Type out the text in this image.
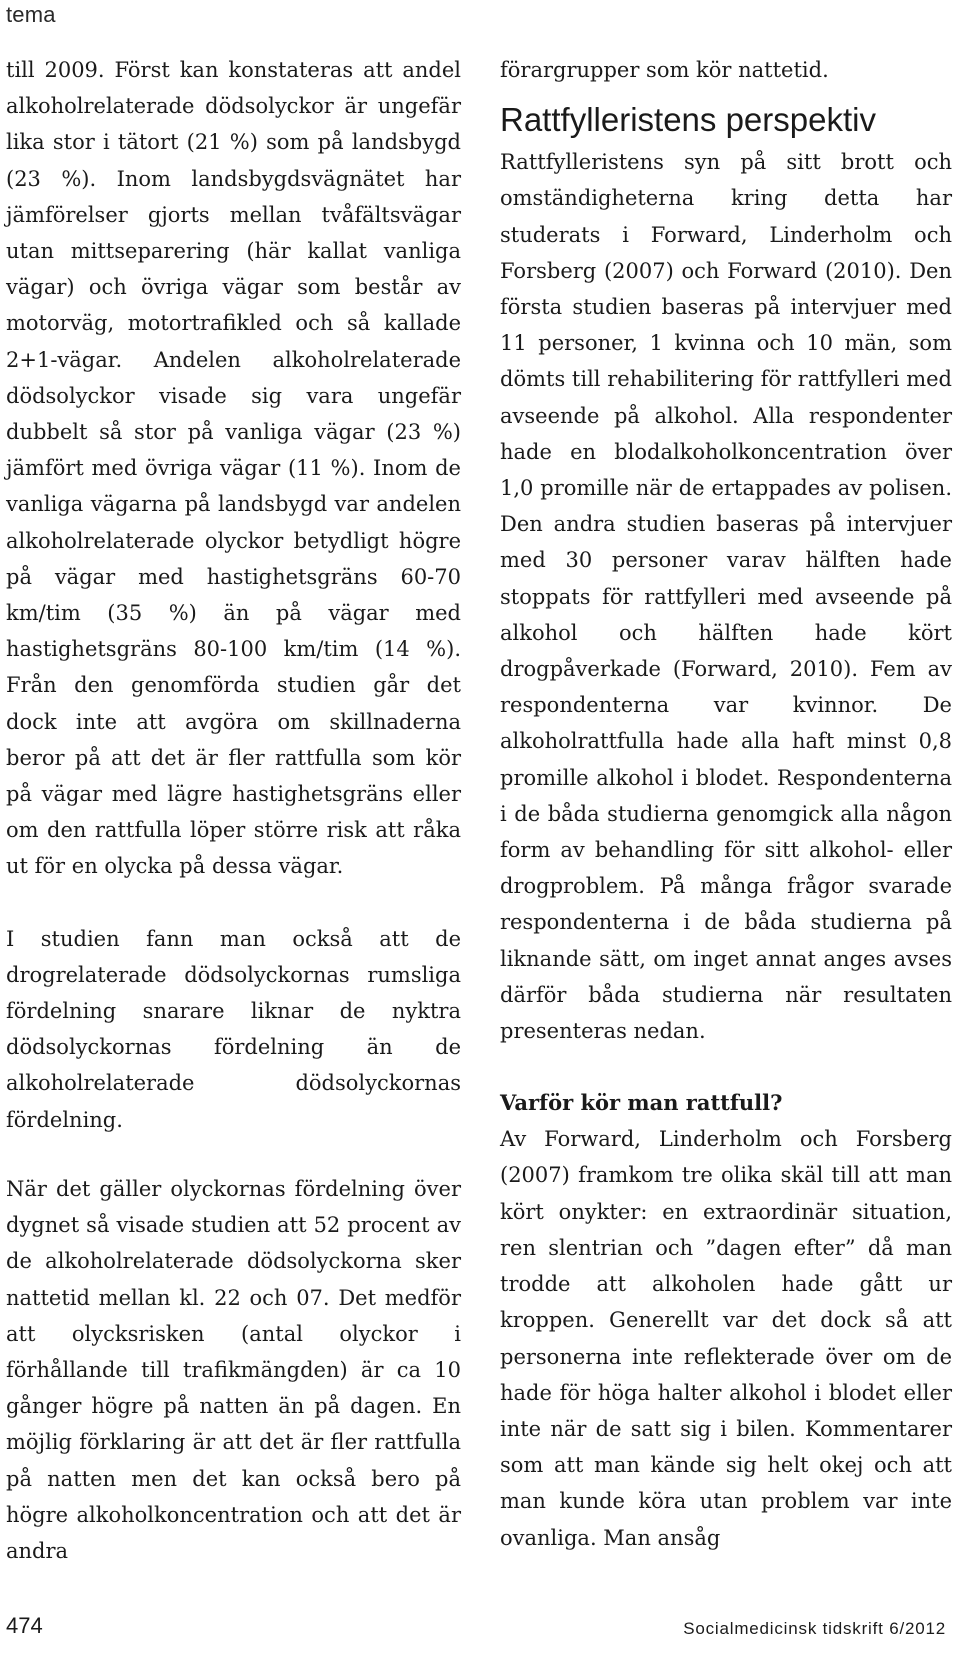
tema

till 2009. Först kan konstateras att andel alkoholrelaterade dödsolyckor är ungefär lika stor i tätort (21 %) som på landsbygd (23 %). Inom landsbygdsvägnätet har jämförelser gjorts mellan tvåfältsvägar utan mittseparering (här kallat vanliga vägar) och övriga vägar som består av motorväg, motortrafikled och så kallade 2+1-vägar. Andelen alkoholrelaterade dödsolyckor visade sig vara ungefär dubbelt så stor på vanliga vägar (23 %) jämfört med övriga vägar (11 %). Inom de vanliga vägarna på landsbygd var andelen alkoholrelaterade olyckor betydligt högre på vägar med hastighetsgräns 60-70 km/tim (35 %) än på vägar med hastighetsgräns 80-100 km/tim (14 %). Från den genomförda studien går det dock inte att avgöra om skillnaderna beror på att det är fler rattfulla som kör på vägar med lägre hastighetsgräns eller om den rattfulla löper större risk att råka ut för en olycka på dessa vägar.

I studien fann man också att de drogrelaterade dödsolyckornas rumsliga fördelning snarare liknar de nyktra dödsolyckornas fördelning än de alkoholrelaterade dödsolyckornas fördelning.

När det gäller olyckornas fördelning över dygnet så visade studien att 52 procent av de alkoholrelaterade dödsolyckorna sker nattetid mellan kl. 22 och 07. Det medför att olycksrisken (antal olyckor i förhållande till trafikmängden) är ca 10 gånger högre på natten än på dagen. En möjlig förklaring är att det är fler rattfulla på natten men det kan också bero på högre alkoholkoncentration och att det är andra

förargrupper som kör nattetid.

Rattfylleristens perspektiv

Rattfylleristens syn på sitt brott och omständigheterna kring detta har studerats i Forward, Linderholm och Forsberg (2007) och Forward (2010). Den första studien baseras på intervjuer med 11 personer, 1 kvinna och 10 män, som dömts till rehabilitering för rattfylleri med avseende på alkohol. Alla respondenter hade en blodalkoholkoncentration över 1,0 promille när de ertappades av polisen. Den andra studien baseras på intervjuer med 30 personer varav hälften hade stoppats för rattfylleri med avseende på alkohol och hälften hade kört drogpåverkade (Forward, 2010). Fem av respondenterna var kvinnor. De alkoholrattfulla hade alla haft minst 0,8 promille alkohol i blodet. Respondenterna i de båda studierna genomgick alla någon form av behandling för sitt alkohol- eller drogproblem. På många frågor svarade respondenterna i de båda studierna på liknande sätt, om inget annat anges avses därför båda studierna när resultaten presenteras nedan.

Varför kör man rattfull?

Av Forward, Linderholm och Forsberg (2007) framkom tre olika skäl till att man kört onykter: en extraordinär situation, ren slentrian och ”dagen efter” då man trodde att alkoholen hade gått ur kroppen. Generellt var det dock så att personerna inte reflekterade över om de hade för höga halter alkohol i blodet eller inte när de satt sig i bilen. Kommentarer som att man kände sig helt okej och att man kunde köra utan problem var inte ovanliga. Man ansåg

474	Socialmedicinsk tidskrift 6/2012
